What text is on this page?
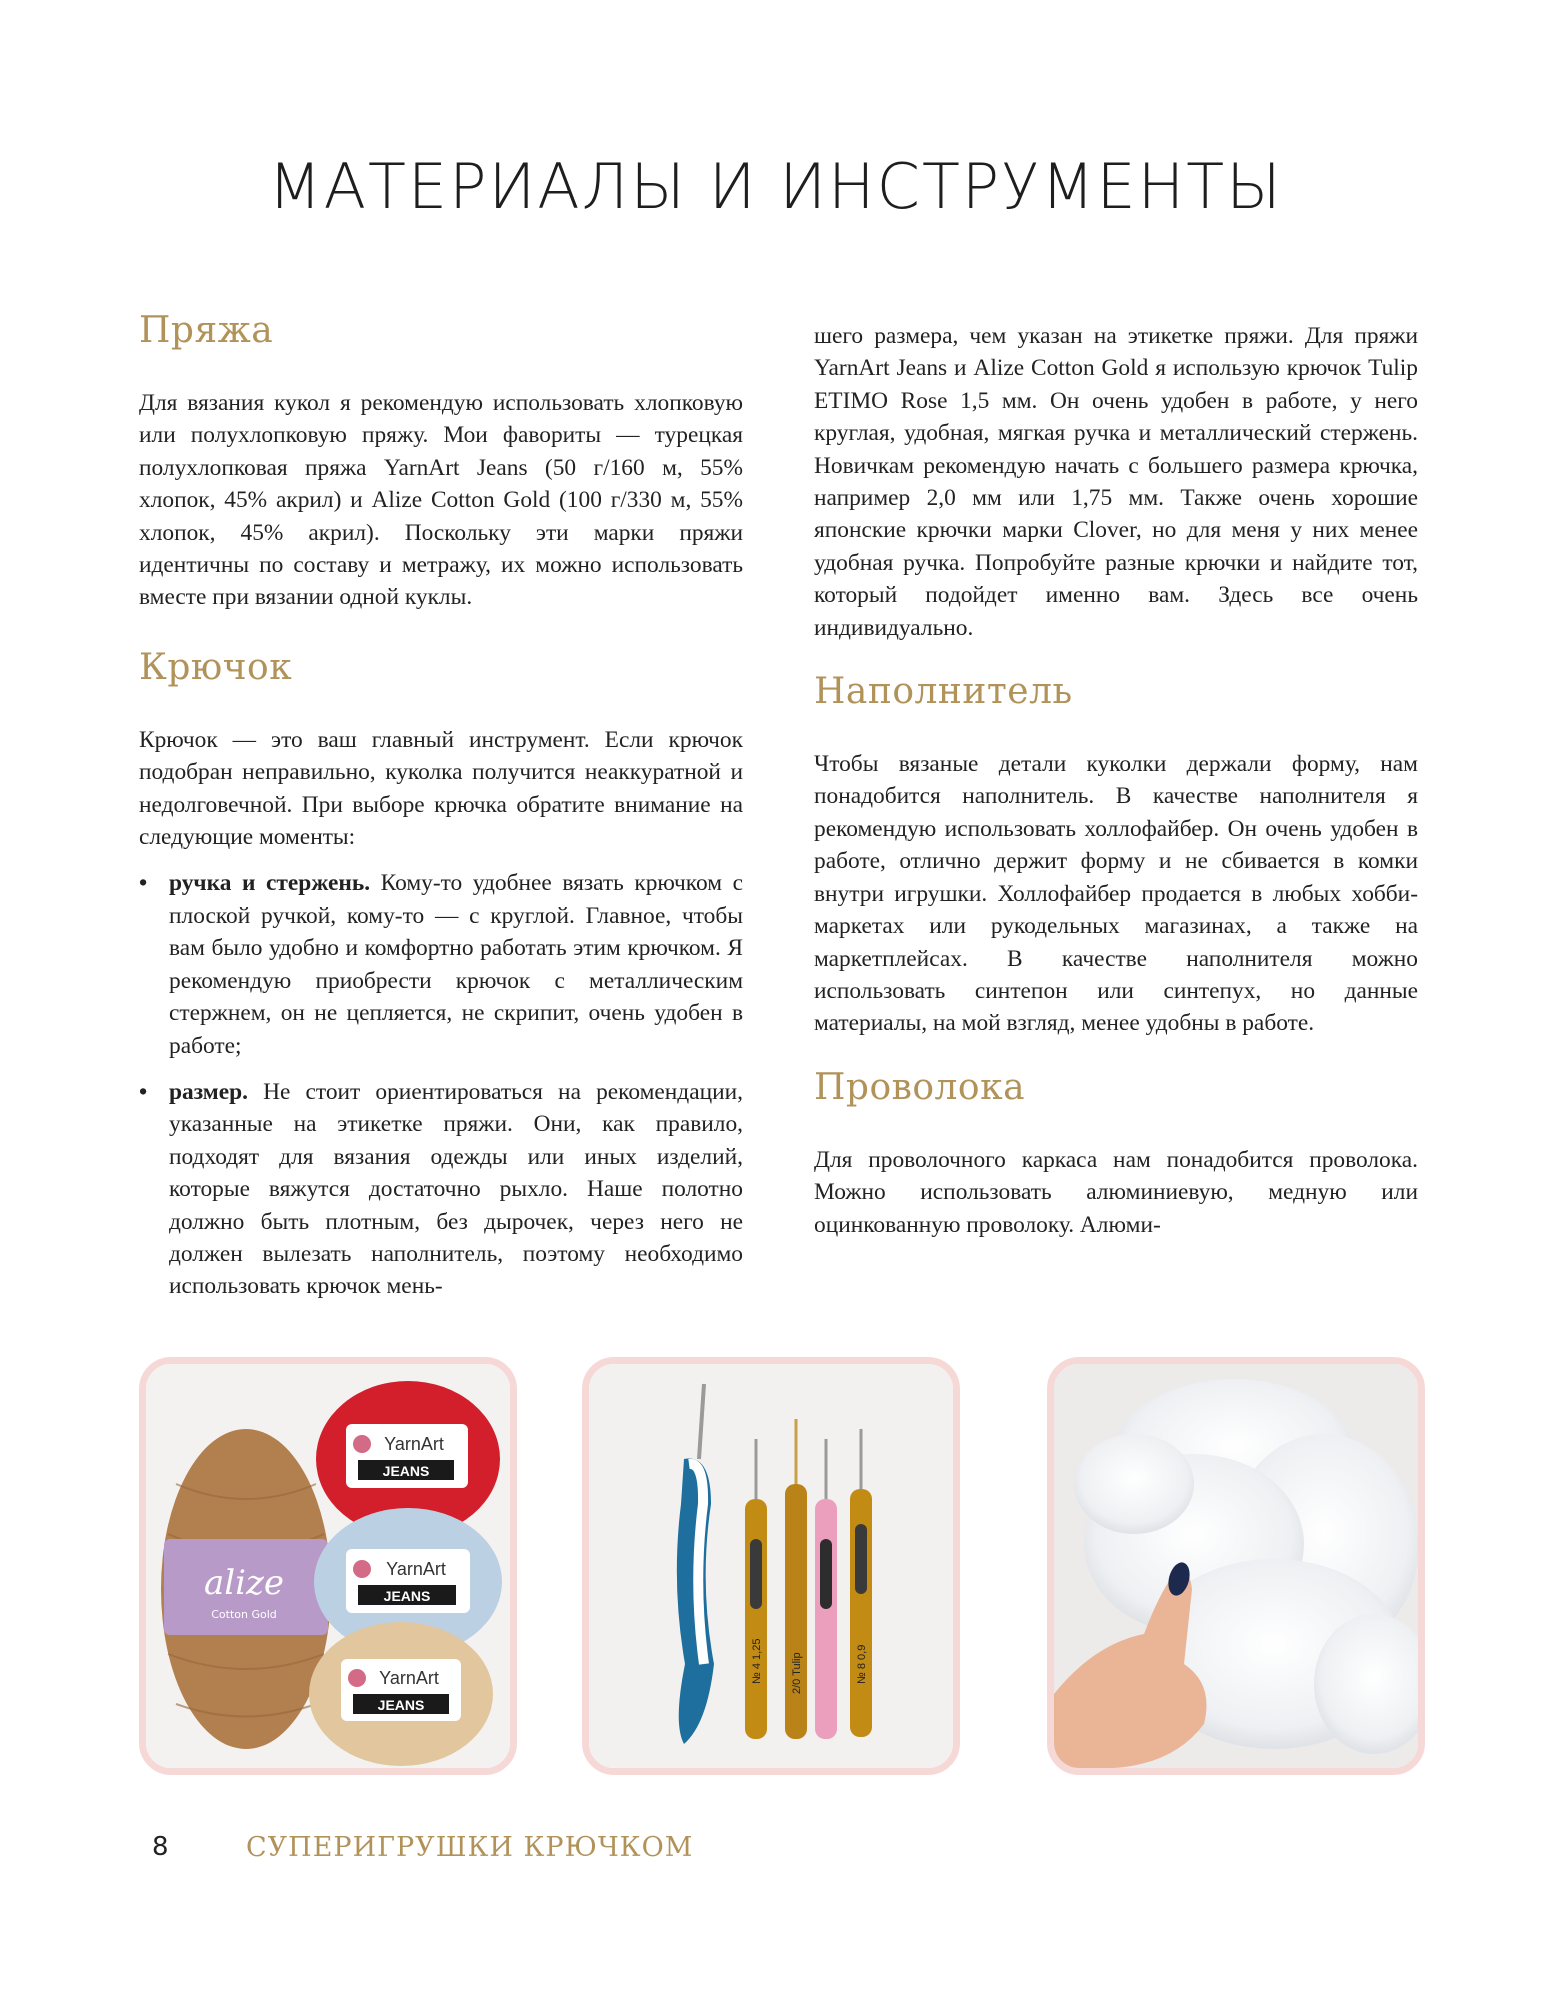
МАТЕРИАЛЫ И ИНСТРУМЕНТЫ
Пряжа

Для вязания кукол я рекомендую использовать хлопковую или полухлопковую пряжу. Мои фавориты — турецкая полухлопковая пряжа YarnArt Jeans (50 г/160 м, 55% хлопок, 45% акрил) и Alize Cotton Gold (100 г/330 м, 55% хлопок, 45% акрил). Поскольку эти марки пряжи идентичны по составу и метражу, их можно использовать вместе при вязании одной куклы.

Крючок

Крючок — это ваш главный инструмент. Если крючок подобран неправильно, куколка получится неаккуратной и недолговечной. При выборе крючка обратите внимание на следующие моменты:

• ручка и стержень. Кому-то удобнее вязать крючком с плоской ручкой, кому-то — с круглой. Главное, чтобы вам было удобно и комфортно работать этим крючком. Я рекомендую приобрести крючок с металлическим стержнем, он не цепляется, не скрипит, очень удобен в работе;
• размер. Не стоит ориентироваться на рекомендации, указанные на этикетке пряжи. Они, как правило, подходят для вязания одежды или иных изделий, которые вяжутся достаточно рыхло. Наше полотно должно быть плотным, без дырочек, через него не должен вылезать наполнитель, поэтому необходимо использовать крючок мень-

шего размера, чем указан на этикетке пряжи. Для пряжи YarnArt Jeans и Alize Cotton Gold я использую крючок Tulip ETIMO Rose 1,5 мм. Он очень удобен в работе, у него круглая, удобная, мягкая ручка и металлический стержень. Новичкам рекомендую начать с большего размера крючка, например 2,0 мм или 1,75 мм. Также очень хорошие японские крючки марки Clover, но для меня у них менее удобная ручка. Попробуйте разные крючки и найдите тот, который подойдет именно вам. Здесь все очень индивидуально.

Наполнитель

Чтобы вязаные детали куколки держали форму, нам понадобится наполнитель. В качестве наполнителя я рекомендую использовать холлофайбер. Он очень удобен в работе, отлично держит форму и не сбивается в комки внутри игрушки. Холлофайбер продается в любых хобби-маркетах или рукодельных магазинах, а также на маркетплейсах. В качестве наполнителя можно использовать синтепон или синтепух, но данные материалы, на мой взгляд, менее удобны в работе.

Проволока

Для проволочного каркаса нам понадобится проволока. Можно использовать алюминиевую, медную или оцинкованную проволоку. Алюми-

alize
Cotton Gold
YarnArt
JEANS
YarnArt
JEANS
YarnArt
JEANS
№ 4 1,25	2/0 Tulip	№ 8 0,9
8	СУПЕРИГРУШКИ КРЮЧКОМ
